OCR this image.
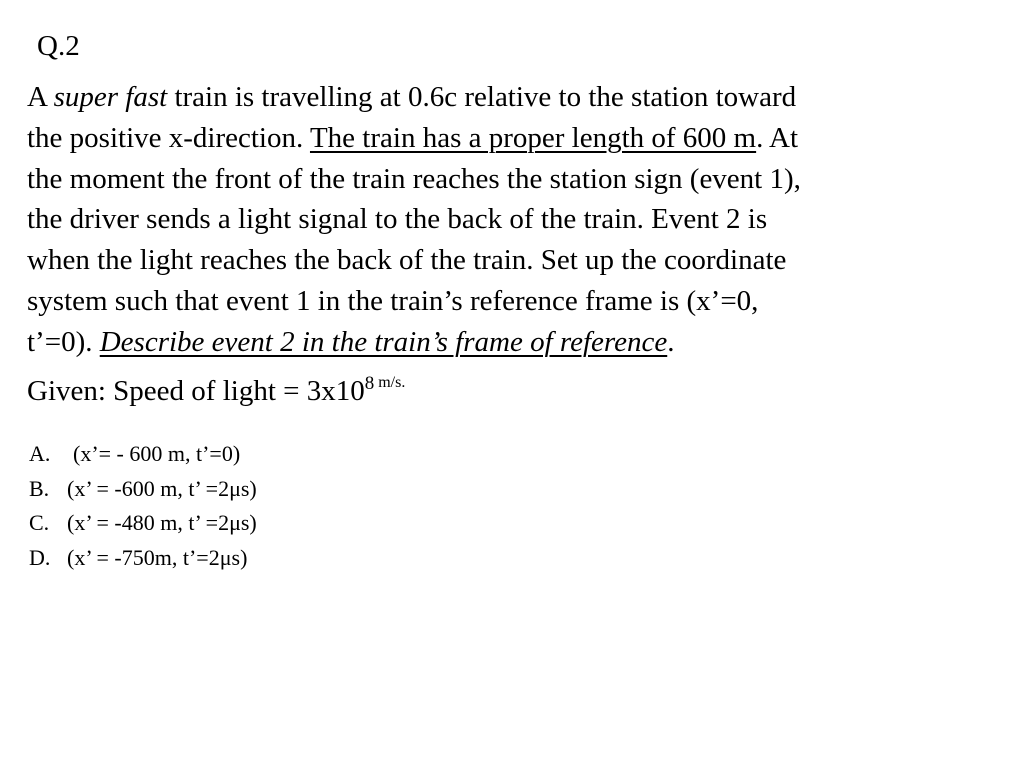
Q.2
A super fast train is travelling at 0.6c relative to the station toward
the positive x-direction. The train has a proper length of 600 m. At
the moment the front of the train reaches the station sign (event 1),
the driver sends a light signal to the back of the train. Event 2 is
when the light reaches the back of the train. Set up the coordinate
system such that event 1 in the train’s reference frame is (x’=0,
t’=0). Describe event 2 in the train’s frame of reference.
Given: Speed of light = $3x10^8$ $^{m/s.}$
A.	(x’= - 600 m, t’=0)
B. (x’ = -600 m, t’ =2μs)
C. (x’ = -480 m, t’ =2μs)
D. (x’ = -750m, t’=2μs)
